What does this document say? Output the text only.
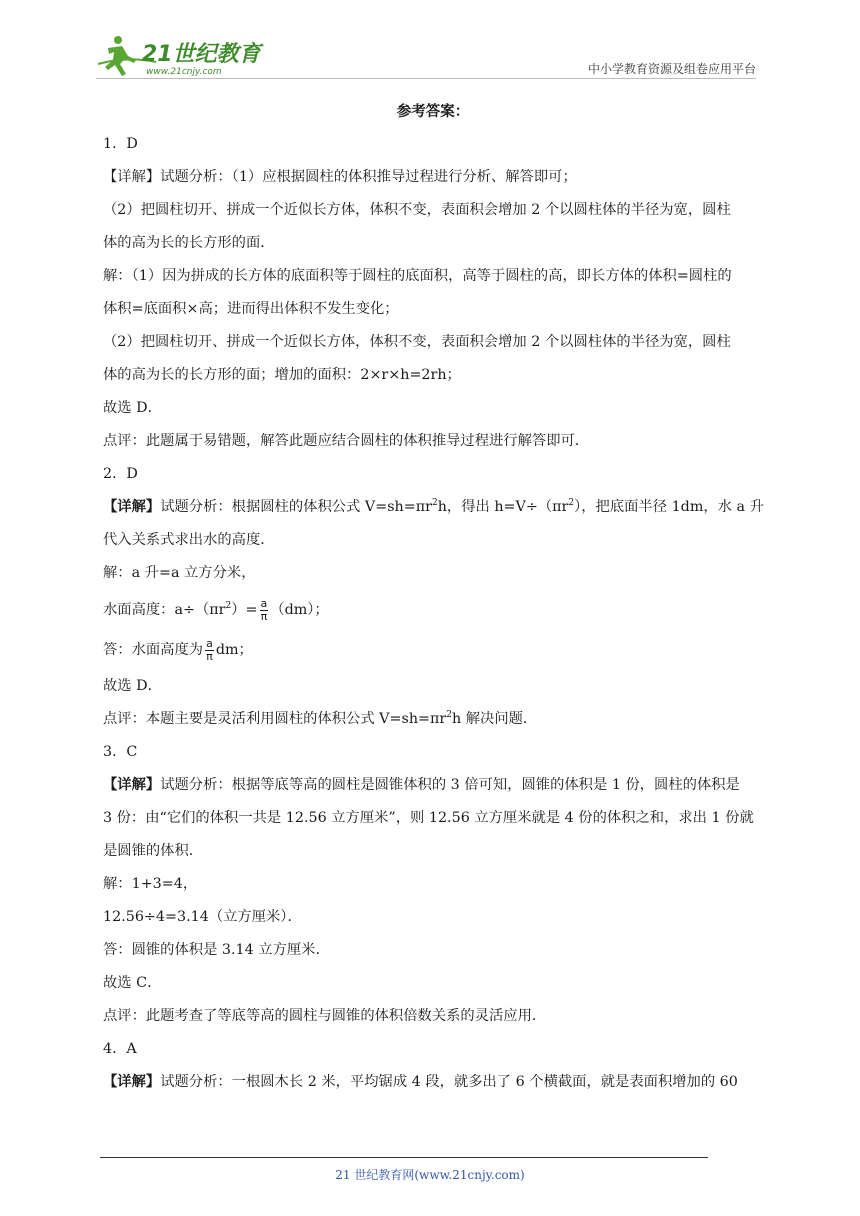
21世纪教育
www.21cnjy.com	中小学教育资源及组卷应用平台
参考答案：
1．D
【详解】试题分析：（1）应根据圆柱的体积推导过程进行分析、解答即可；
（2）把圆柱切开、拼成一个近似长方体，体积不变，表面积会增加 2 个以圆柱体的半径为宽，圆柱
体的高为长的长方形的面．
解：（1）因为拼成的长方体的底面积等于圆柱的底面积，高等于圆柱的高，即长方体的体积=圆柱的
体积=底面积×高；进而得出体积不发生变化；
（2）把圆柱切开、拼成一个近似长方体，体积不变，表面积会增加 2 个以圆柱体的半径为宽，圆柱
体的高为长的长方形的面；增加的面积：2×r×h=2rh；
故选 D．
点评：此题属于易错题，解答此题应结合圆柱的体积推导过程进行解答即可．
2．D
【详解】试题分析：根据圆柱的体积公式 $V=sh=\pi r^2h$，得出 $h=V\div(\pi r^2)$，把底面半径 1dm，水 a 升
代入关系式求出水的高度．
解：a 升=a 立方分米，
水面高度：$a\div(\pi r^2)= \frac{a}{\pi} (dm)$；
答：水面高度为 $\frac{a}{\pi}$ dm；
故选 D．
点评：本题主要是灵活利用圆柱的体积公式 $V=sh=\pi r^2h$ 解决问题．
3．C
【详解】试题分析：根据等底等高的圆柱是圆锥体积的 3 倍可知，圆锥的体积是 1 份，圆柱的体积是
3 份：由“它们的体积一共是 12.56 立方厘米”，则 12.56 立方厘米就是 4 份的体积之和，求出 1 份就
是圆锥的体积．
解：1+3=4，
12.56÷4=3.14（立方厘米）．
答：圆锥的体积是 3.14 立方厘米．
故选 C．
点评：此题考查了等底等高的圆柱与圆锥的体积倍数关系的灵活应用．
4．A
【详解】试题分析：一根圆木长 2 米，平均锯成 4 段，就多出了 6 个横截面，就是表面积增加的 60
21 世纪教育网(www.21cnjy.com)
